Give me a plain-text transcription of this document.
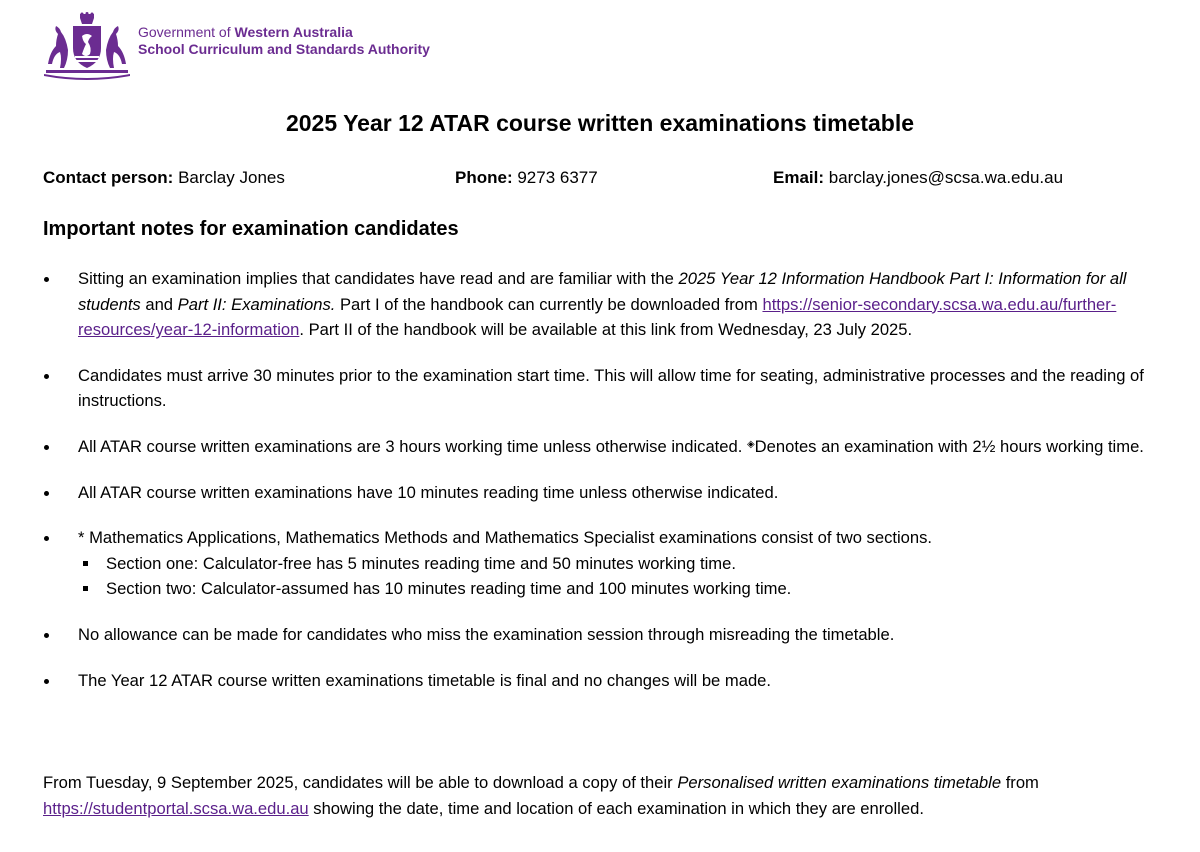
Government of Western Australia
School Curriculum and Standards Authority
2025 Year 12 ATAR course written examinations timetable
Contact person: Barclay Jones	Phone: 9273 6377	Email: barclay.jones@scsa.wa.edu.au
Important notes for examination candidates
Sitting an examination implies that candidates have read and are familiar with the 2025 Year 12 Information Handbook Part I: Information for all students and Part II: Examinations. Part I of the handbook can currently be downloaded from https://senior-secondary.scsa.wa.edu.au/further-resources/year-12-information. Part II of the handbook will be available at this link from Wednesday, 23 July 2025.
Candidates must arrive 30 minutes prior to the examination start time. This will allow time for seating, administrative processes and the reading of instructions.
All ATAR course written examinations are 3 hours working time unless otherwise indicated. ◈Denotes an examination with 2½ hours working time.
All ATAR course written examinations have 10 minutes reading time unless otherwise indicated.
* Mathematics Applications, Mathematics Methods and Mathematics Specialist examinations consist of two sections.
Section one: Calculator-free has 5 minutes reading time and 50 minutes working time.
Section two: Calculator-assumed has 10 minutes reading time and 100 minutes working time.
No allowance can be made for candidates who miss the examination session through misreading the timetable.
The Year 12 ATAR course written examinations timetable is final and no changes will be made.
From Tuesday, 9 September 2025, candidates will be able to download a copy of their Personalised written examinations timetable from https://studentportal.scsa.wa.edu.au showing the date, time and location of each examination in which they are enrolled.
